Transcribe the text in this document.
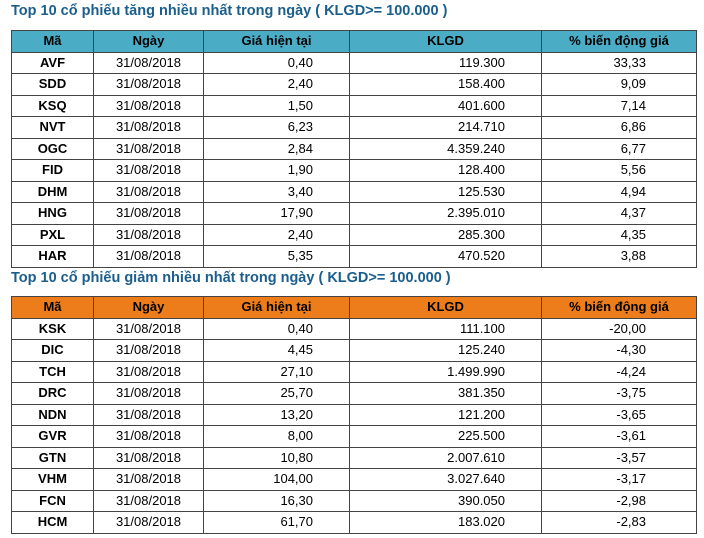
Top 10 cổ phiếu tăng nhiều nhất trong ngày ( KLGD>= 100.000 )
Mã	Ngày	Giá hiện tại	KLGD	% biến động giá
AVF	31/08/2018	0,40	119.300	33,33
SDD	31/08/2018	2,40	158.400	9,09
KSQ	31/08/2018	1,50	401.600	7,14
NVT	31/08/2018	6,23	214.710	6,86
OGC	31/08/2018	2,84	4.359.240	6,77
FID	31/08/2018	1,90	128.400	5,56
DHM	31/08/2018	3,40	125.530	4,94
HNG	31/08/2018	17,90	2.395.010	4,37
PXL	31/08/2018	2,40	285.300	4,35
HAR	31/08/2018	5,35	470.520	3,88
Top 10 cổ phiếu giảm nhiều nhất trong ngày ( KLGD>= 100.000 )
Mã	Ngày	Giá hiện tại	KLGD	% biến động giá
KSK	31/08/2018	0,40	111.100	-20,00
DIC	31/08/2018	4,45	125.240	-4,30
TCH	31/08/2018	27,10	1.499.990	-4,24
DRC	31/08/2018	25,70	381.350	-3,75
NDN	31/08/2018	13,20	121.200	-3,65
GVR	31/08/2018	8,00	225.500	-3,61
GTN	31/08/2018	10,80	2.007.610	-3,57
VHM	31/08/2018	104,00	3.027.640	-3,17
FCN	31/08/2018	16,30	390.050	-2,98
HCM	31/08/2018	61,70	183.020	-2,83
